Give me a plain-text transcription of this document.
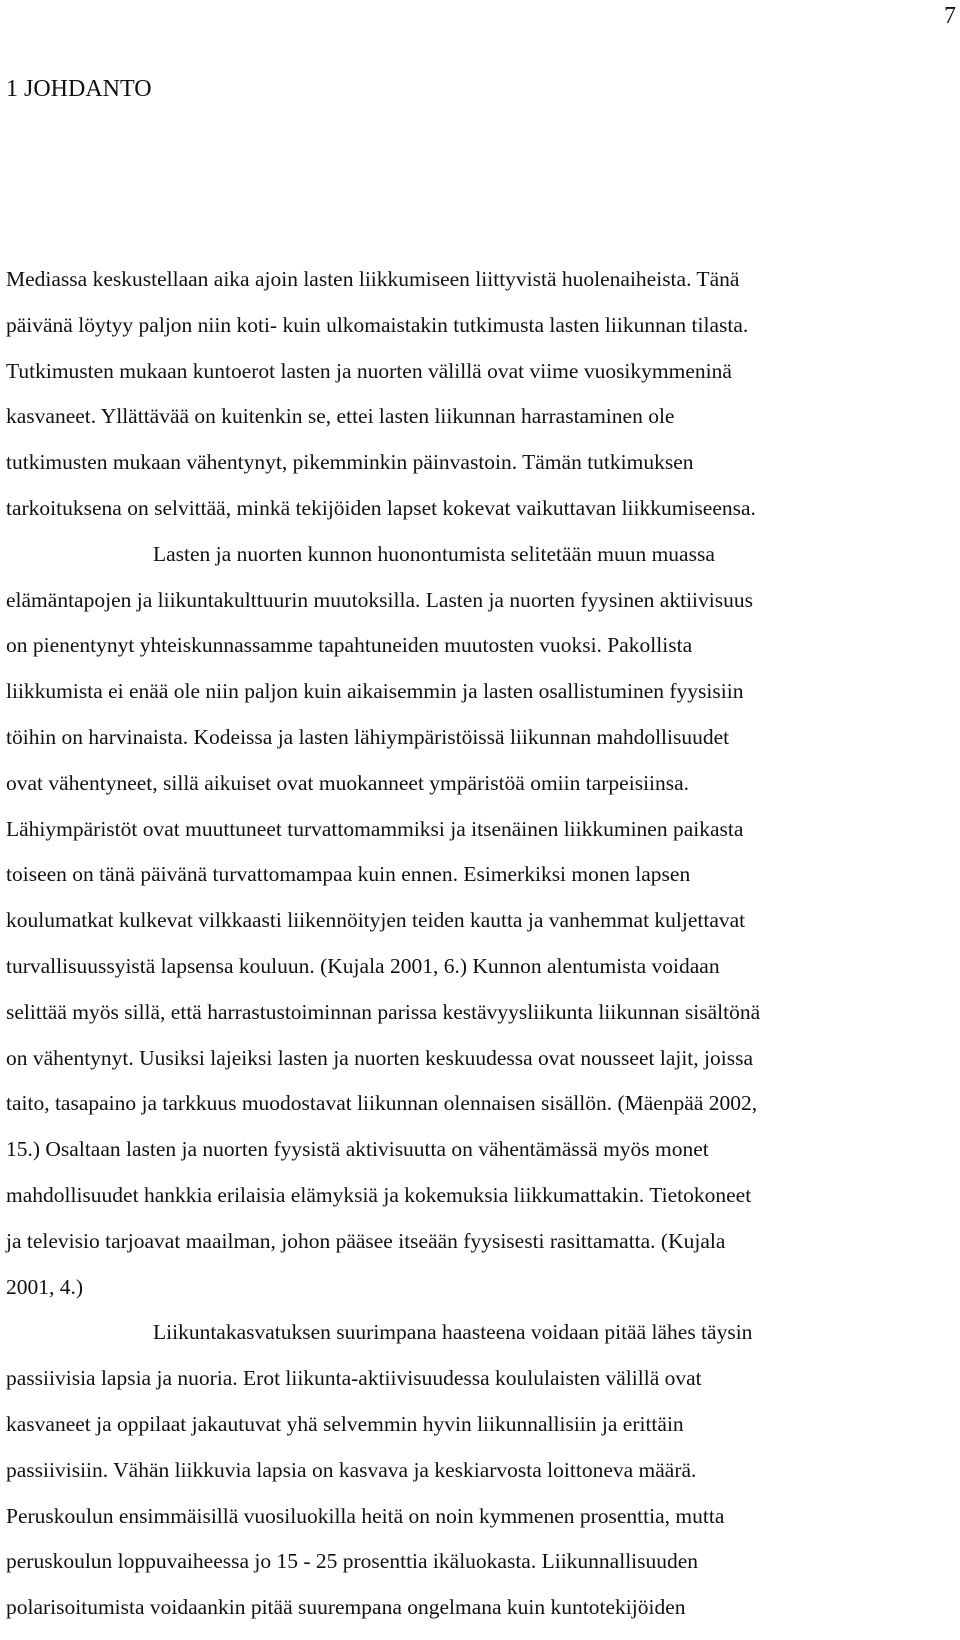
7
1 JOHDANTO
Mediassa keskustellaan aika ajoin lasten liikkumiseen liittyvistä huolenaiheista. Tänä
päivänä löytyy paljon niin koti- kuin ulkomaistakin tutkimusta lasten liikunnan tilasta.
Tutkimusten mukaan kuntoerot lasten ja nuorten välillä ovat viime vuosikymmeninä
kasvaneet. Yllättävää on kuitenkin se, ettei lasten liikunnan harrastaminen ole
tutkimusten mukaan vähentynyt, pikemminkin päinvastoin. Tämän tutkimuksen
tarkoituksena on selvittää, minkä tekijöiden lapset kokevat vaikuttavan liikkumiseensa.
Lasten ja nuorten kunnon huonontumista selitetään muun muassa
elämäntapojen ja liikuntakulttuurin muutoksilla. Lasten ja nuorten fyysinen aktiivisuus
on pienentynyt yhteiskunnassamme tapahtuneiden muutosten vuoksi. Pakollista
liikkumista ei enää ole niin paljon kuin aikaisemmin ja lasten osallistuminen fyysisiin
töihin on harvinaista. Kodeissa ja lasten lähiympäristöissä liikunnan mahdollisuudet
ovat vähentyneet, sillä aikuiset ovat muokanneet ympäristöä omiin tarpeisiinsa.
Lähiympäristöt ovat muuttuneet turvattomammiksi ja itsenäinen liikkuminen paikasta
toiseen on tänä päivänä turvattomampaa kuin ennen. Esimerkiksi monen lapsen
koulumatkat kulkevat vilkkaasti liikennöityjen teiden kautta ja vanhemmat kuljettavat
turvallisuussyistä lapsensa kouluun. (Kujala 2001, 6.) Kunnon alentumista voidaan
selittää myös sillä, että harrastustoiminnan parissa kestävyysliikunta liikunnan sisältönä
on vähentynyt. Uusiksi lajeiksi lasten ja nuorten keskuudessa ovat nousseet lajit, joissa
taito, tasapaino ja tarkkuus muodostavat liikunnan olennaisen sisällön. (Mäenpää 2002,
15.) Osaltaan lasten ja nuorten fyysistä aktivisuutta on vähentämässä myös monet
mahdollisuudet hankkia erilaisia elämyksiä ja kokemuksia liikkumattakin. Tietokoneet
ja televisio tarjoavat maailman, johon pääsee itseään fyysisesti rasittamatta. (Kujala
2001, 4.)
Liikuntakasvatuksen suurimpana haasteena voidaan pitää lähes täysin
passiivisia lapsia ja nuoria. Erot liikunta-aktiivisuudessa koululaisten välillä ovat
kasvaneet ja oppilaat jakautuvat yhä selvemmin hyvin liikunnallisiin ja erittäin
passiivisiin. Vähän liikkuvia lapsia on kasvava ja keskiarvosta loittoneva määrä.
Peruskoulun ensimmäisillä vuosiluokilla heitä on noin kymmenen prosenttia, mutta
peruskoulun loppuvaiheessa jo 15 - 25 prosenttia ikäluokasta. Liikunnallisuuden
polarisoitumista voidaankin pitää suurempana ongelmana kuin kuntotekijöiden
